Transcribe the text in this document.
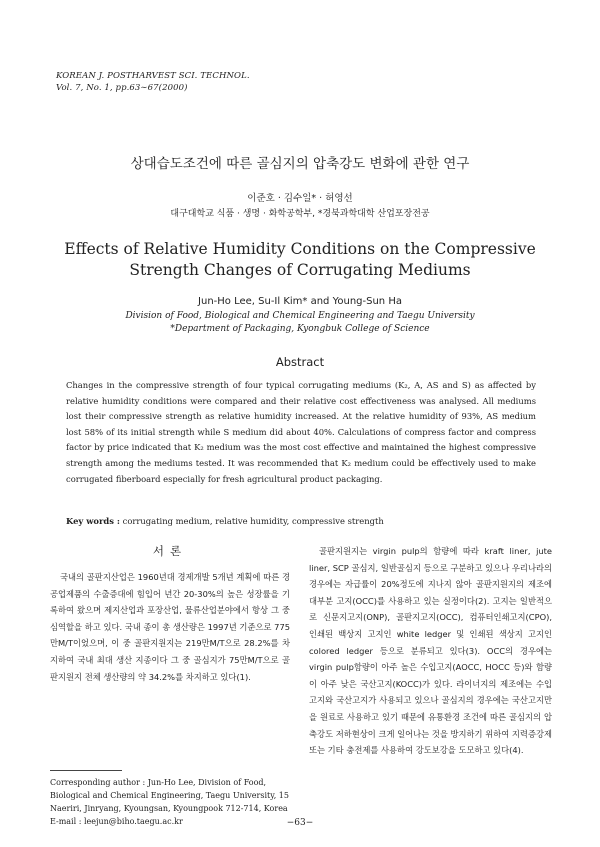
KOREAN J. POSTHARVEST SCI. TECHNOL.
Vol. 7, No. 1, pp.63∼67(2000)
상대습도조건에 따른 골심지의 압축강도 변화에 관한 연구
이준호 · 김수일* · 허영선
대구대학교 식품 · 생명 · 화학공학부, *경북과학대학 산업포장전공
Effects of Relative Humidity Conditions on the Compressive
Strength Changes of Corrugating Mediums
Jun-Ho Lee, Su-Il Kim* and Young-Sun Ha
Division of Food, Biological and Chemical Engineering and Taegu University
*Department of Packaging, Kyongbuk College of Science
Abstract
Changes in the compressive strength of four typical corrugating mediums (K₂, A, AS and S) as affected by relative humidity conditions were compared and their relative cost effectiveness was analysed. All mediums lost their compressive strength as relative humidity increased. At the relative humidity of 93%, AS medium lost 58% of its initial strength while S medium did about 40%. Calculations of compress factor and compress factor by price indicated that K₂ medium was the most cost effective and maintained the highest compressive strength among the mediums tested. It was recommended that K₂ medium could be effectively used to make corrugated fiberboard especially for fresh agricultural product packaging.
Key words : corrugating medium, relative humidity, compressive strength
서론
국내의 골판지산업은 1960년대 경제개발 5개년 계획에 따른 경공업제품의 수출증대에 힘입어 년간 20-30%의 높은 성장률을 기록하여 왔으며 제지산업과 포장산업, 물류산업분야에서 항상 그 중심역할을 하고 있다. 국내 종이 총 생산량은 1997년 기준으로 775만M/T이었으며, 이 중 골판지원지는 219만M/T으로 28.2%를 차지하여 국내 최대 생산 지종이다 그 중 골심지가 75만M/T으로 골판지원지 전체 생산량의 약 34.2%를 차지하고 있다(1).
골판지원지는 virgin pulp의 함량에 따라 kraft liner, jute liner, SCP 골심지, 일반골심지 등으로 구분하고 있으나 우리나라의 경우에는 자급률이 20%정도에 지나지 않아 골판지원지의 제조에 대부분 고지(OCC)를 사용하고 있는 실정이다(2). 고지는 일반적으로 신문지고지(ONP), 골판지고지(OCC), 컴퓨터인쇄고지(CPO), 인쇄된 백상지 고지인 white ledger 및 인쇄된 색상지 고지인 colored ledger 등으로 분류되고 있다(3). OCC의 경우에는 virgin pulp함량이 아주 높은 수입고지(AOCC, HOCC 등)와 함량이 아주 낮은 국산고지(KOCC)가 있다. 라이너지의 제조에는 수입고지와 국산고지가 사용되고 있으나 골심지의 경우에는 국산고지만을 원료로 사용하고 있기 때문에 유통환경 조건에 따른 골심지의 압축강도 저하현상이 크게 일어나는 것을 방지하기 위하여 지력증강제 또는 기타 충전제를 사용하여 강도보강을 도모하고 있다(4).
Corresponding author : Jun-Ho Lee, Division of Food, Biological and Chemical Engineering, Taegu University, 15 Naeriri, Jinryang, Kyoungsan, Kyoungpook 712-714, Korea
E-mail : leejun@biho.taegu.ac.kr	−63−
